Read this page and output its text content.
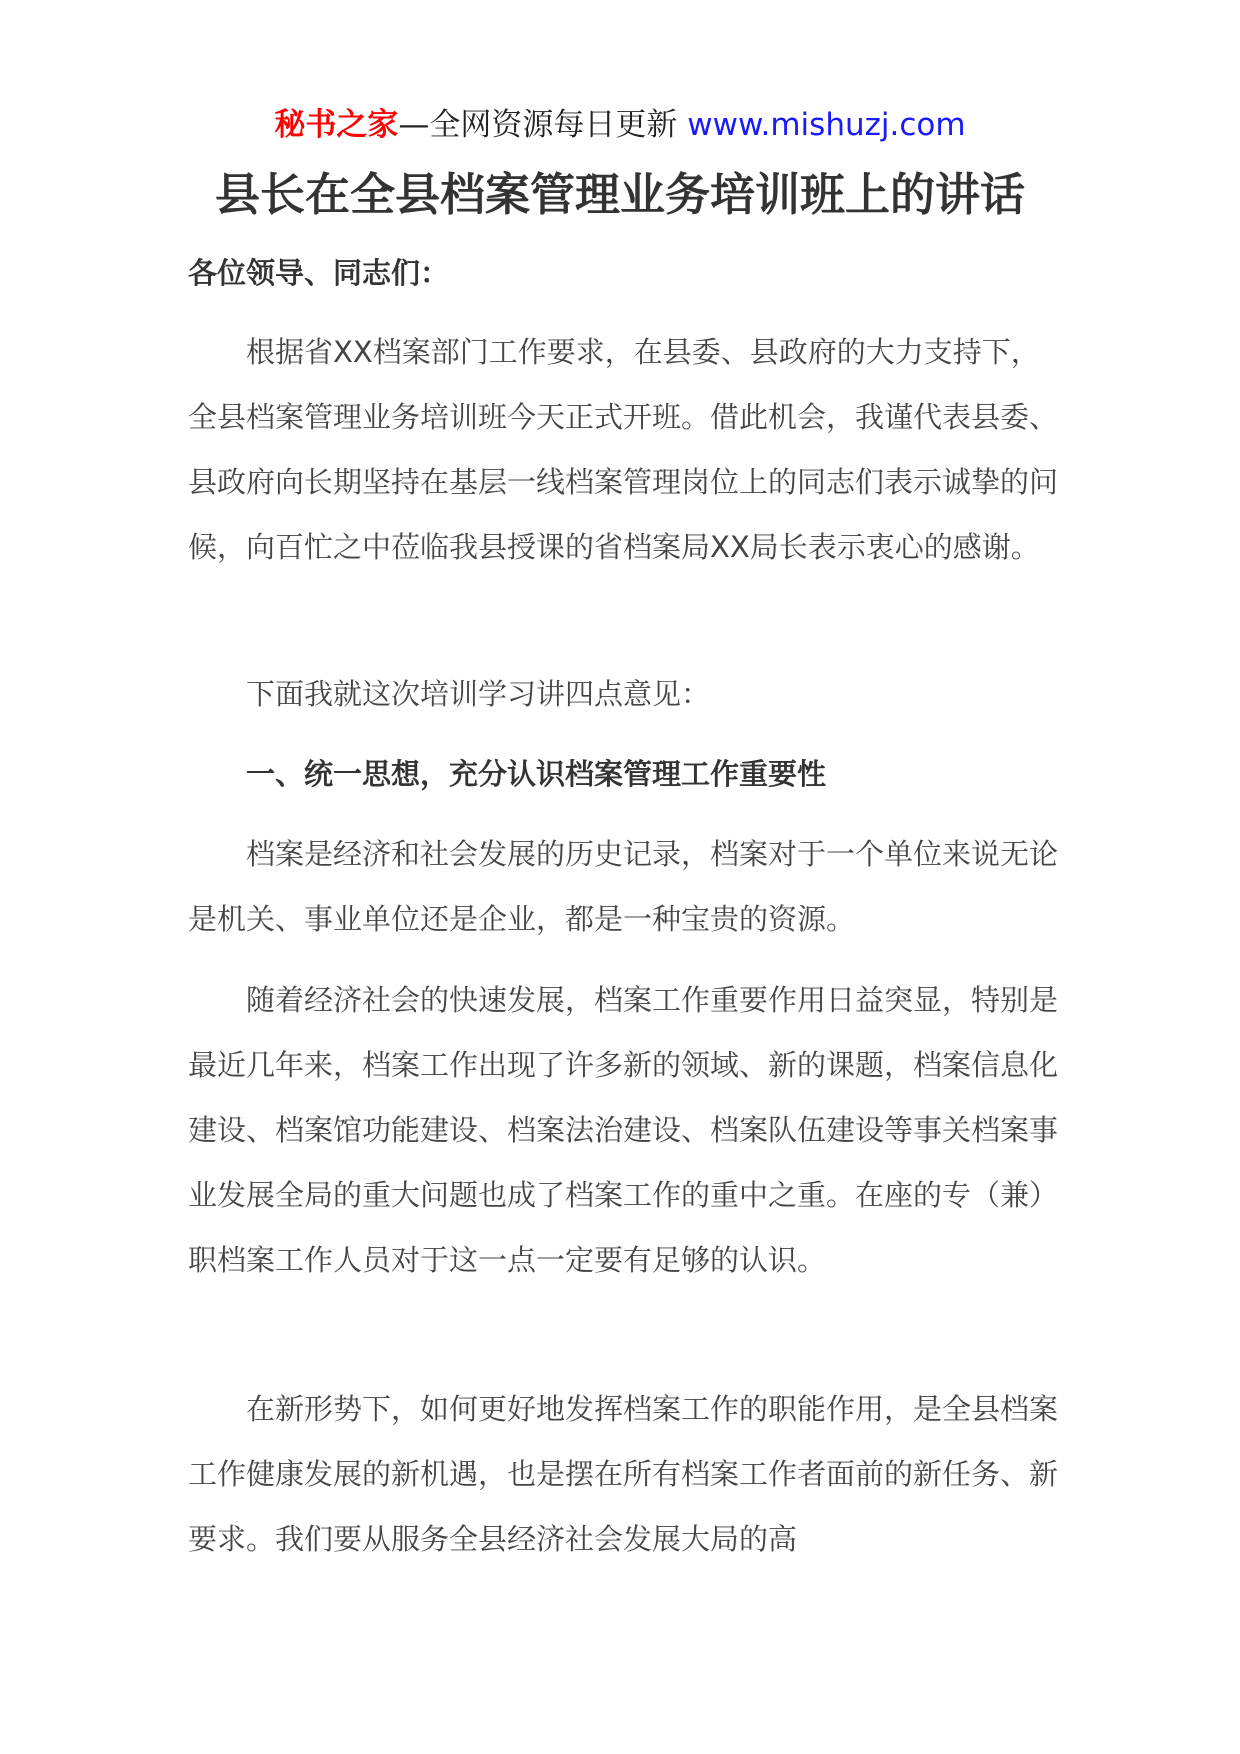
秘书之家—全网资源每日更新 www.mishuzj.com
县长在全县档案管理业务培训班上的讲话
各位领导、同志们：

根据省XX档案部门工作要求，在县委、县政府的大力支持下，全县档案管理业务培训班今天正式开班。借此机会，我谨代表县委、县政府向长期坚持在基层一线档案管理岗位上的同志们表示诚挚的问候，向百忙之中莅临我县授课的省档案局XX局长表示衷心的感谢。

下面我就这次培训学习讲四点意见：

一、统一思想，充分认识档案管理工作重要性

档案是经济和社会发展的历史记录，档案对于一个单位来说无论是机关、事业单位还是企业，都是一种宝贵的资源。

随着经济社会的快速发展，档案工作重要作用日益突显，特别是最近几年来，档案工作出现了许多新的领域、新的课题，档案信息化建设、档案馆功能建设、档案法治建设、档案队伍建设等事关档案事业发展全局的重大问题也成了档案工作的重中之重。在座的专（兼）职档案工作人员对于这一点一定要有足够的认识。

在新形势下，如何更好地发挥档案工作的职能作用，是全县档案工作健康发展的新机遇，也是摆在所有档案工作者面前的新任务、新要求。我们要从服务全县经济社会发展大局的高
